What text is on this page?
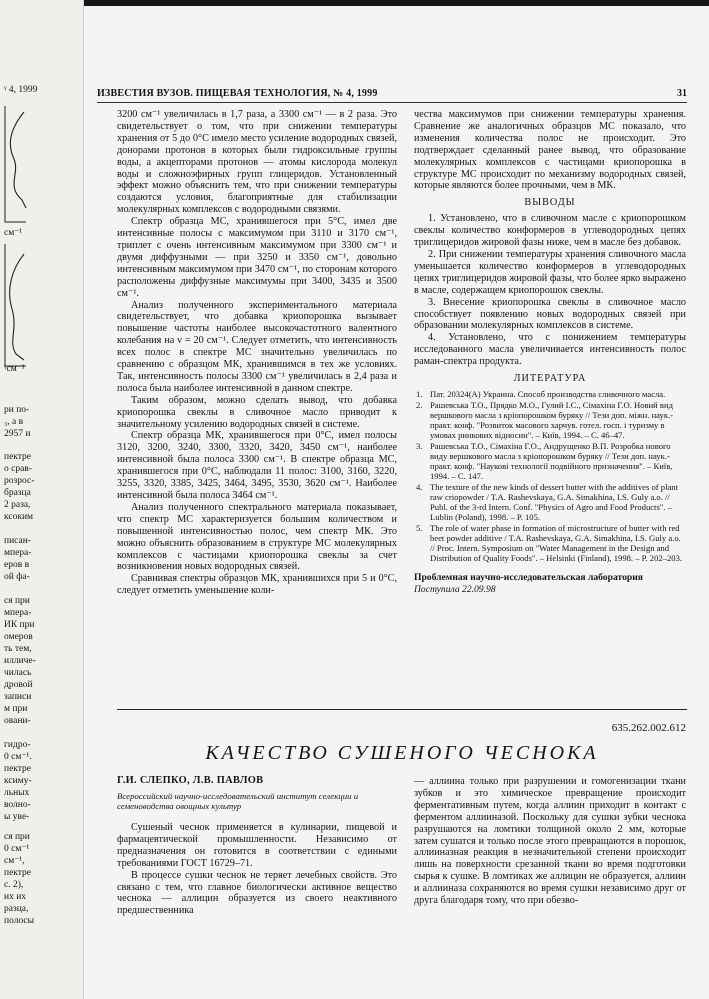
ᵞ 4, 1999
cм⁻¹
ᵞcм⁻¹
ри по-
₃, а в
2957 и
пектре
о срав-
розрос-
бразца
2 раза,
ксоким
писан-
мпера-
еров в
ой фа-
ся при
мпера-
ИК при
омеров
ть тем,
илличе-
чилась
дровой
записи
м при
овани-
гидро-
0 см⁻¹.
пектре
ксиму-
льных
волно-
ы уве-
ся при
0 см⁻¹
см⁻¹,
пектре
с. 2),
их их
разца,
полосы
ИЗВЕСТИЯ ВУЗОВ. ПИЩЕВАЯ ТЕХНОЛОГИЯ, № 4, 1999	31

3200 см⁻¹ увеличилась в 1,7 раза, а 3300 см⁻¹ — в 2 раза. Это свидетельствует о том, что при снижении температуры хранения от 5 до 0°С имело место усиление водородных связей, донорами протонов в которых были гидроксильные группы воды, а акцепторами протонов — атомы кислорода молекул воды и сложноэфирных групп глицеридов. Установленный эффект можно объяснить тем, что при снижении температуры создаются условия, благоприятные для стабилизации молекулярных комплексов с водородными связями.

Спектр образца МС, хранившегося при 5°С, имел две интенсивные полосы с максимумом при 3110 и 3170 см⁻¹, триплет с очень интенсивным максимумом при 3300 см⁻¹ и двумя диффузными — при 3250 и 3350 см⁻¹, довольно интенсивным максимумом при 3470 см⁻¹, по сторонам которого расположены диффузные максимумы при 3400, 3435 и 3500 см⁻¹.

Анализ полученного экспериментального материала свидетельствует, что добавка криопорошка вызывает повышение частоты наиболее высокочастотного валентного колебания на ν = 20 см⁻¹. Следует отметить, что интенсивность всех полос в спектре МС значительно увеличилась по сравнению с образцом МК, хранившимся в тех же условиях. Так, интенсивность полосы 3300 см⁻¹ увеличилась в 2,4 раза и полоса была наиболее интенсивной в данном спектре.

Таким образом, можно сделать вывод, что добавка криопорошка свеклы в сливочное масло приводит к значительному усилению водородных связей в системе.

Спектр образца МК, хранившегося при 0°С, имел полосы 3120, 3200, 3240, 3300, 3320, 3420, 3450 см⁻¹, наиболее интенсивной была полоса 3300 см⁻¹. В спектре образца МС, хранившегося при 0°С, наблюдали 11 полос: 3100, 3160, 3220, 3255, 3320, 3385, 3425, 3464, 3495, 3530, 3620 см⁻¹. Наиболее интенсивной была полоса 3464 см⁻¹.

Анализ полученного спектрального материала показывает, что спектр МС характеризуется большим количеством и повышенной интенсивностью полос, чем спектр МК. Это можно объяснить образованием в структуре МС молекулярных комплексов с частицами криопорошка свеклы за счет возникновения новых водородных связей.

Сравнивая спектры образцов МК, хранившихся при 5 и 0°С, следует отметить уменьшение коли-

чества максимумов при снижении температуры хранения. Сравнение же аналогичных образцов МС показало, что изменения количества полос не происходит. Это подтверждает сделанный ранее вывод, что образование молекулярных комплексов с частицами криопорошка в структуре МС происходит по механизму водородных связей, которые являются более прочными, чем в МК.

ВЫВОДЫ
1. Установлено, что в сливочном масле с криопорошком свеклы количество конформеров в углеводородных цепях триглицеридов жировой фазы ниже, чем в масле без добавок.
2. При снижении температуры хранения сливочного масла уменьшается количество конформеров в углеводородных цепях триглицеридов жировой фазы, что более ярко выражено в масле, содержащем криопорошок свеклы.
3. Внесение криопорошка свеклы в сливочное масло способствует появлению новых водородных связей при образовании молекулярных комплексов в системе.
4. Установлено, что с понижением температуры исследованного масла увеличивается интенсивность полос раман-спектра продукта.
ЛИТЕРАТУРА
1. Пат. 20324(А) Украина. Способ производства сливочного масла.
2. Рашевська Т.О., Прядко М.О., Гулий І.С., Сімахіна Г.О. Новий вид вершкового масла з кріопорошком буряку // Тези доп. міжн. наук.-практ. конф. "Розвиток масового харчув. готел. госп. і туризму в умовах ринкових відносин". – Київ, 1994. – С. 46–47.
3. Рашевська Т.О., Сімахіна Г.О., Андрущенко В.П. Розробка нового виду вершкового масла з кріопорошком буряку // Тези доп. наук.-практ. конф. "Наукові технології подвійного призначення". – Київ, 1994. – С. 147.
4. The texture of the new kinds of dessert butter with the additives of plant raw criopowder / T.A. Rashevskaya, G.A. Simakhina, I.S. Guly a.o. // Publ. of the 3-rd Intern. Conf. "Physics of Agro and Food Products". – Lublin (Poland), 1998. – P. 105.
5. The role of water phase in formation of microstructure of butter with red beet powder additive / T.A. Rashevskaya, G.A. Simakhina, I.S. Guly a.o. // Proc. Intern. Symposium on "Water Management in the Design and Distribution of Quality Foods". – Helsinki (Finland), 1998. – P. 202–203.
Проблемная научно-исследовательская лаборатория
Поступила 22.09.98
635.262.002.612
КАЧЕСТВО СУШЕНОГО ЧЕСНОКА
Г.И. СЛЕПКО, Л.В. ПАВЛОВ
Всероссийский научно-исследовательский институт селекции и семеноводства овощных культур

Сушеный чеснок применяется в кулинарии, пищевой и фармацевтической промышленности. Независимо от предназначения он готовится в соответствии с едиными требованиями ГОСТ 16729–71.

В процессе сушки чеснок не теряет лечебных свойств. Это связано с тем, что главное биологически активное вещество чеснока — аллицин образуется из своего неактивного предшественника

— аллиина только при разрушении и гомогенизации ткани зубков и это химическое превращение происходит ферментативным путем, когда аллиин приходит в контакт с ферментом аллииназой. Поскольку для сушки зубки чеснока разрушаются на ломтики толщиной около 2 мм, которые затем сушатся и только после этого превращаются в порошок, аллииназная реакция в незначительной степени происходит лишь на поверхности срезанной ткани во время подготовки сырья к сушке. В ломтиках же аллицин не образуется, аллиин и аллииназа сохраняются во время сушки независимо друг от друга благодаря тому, что при обезво-
